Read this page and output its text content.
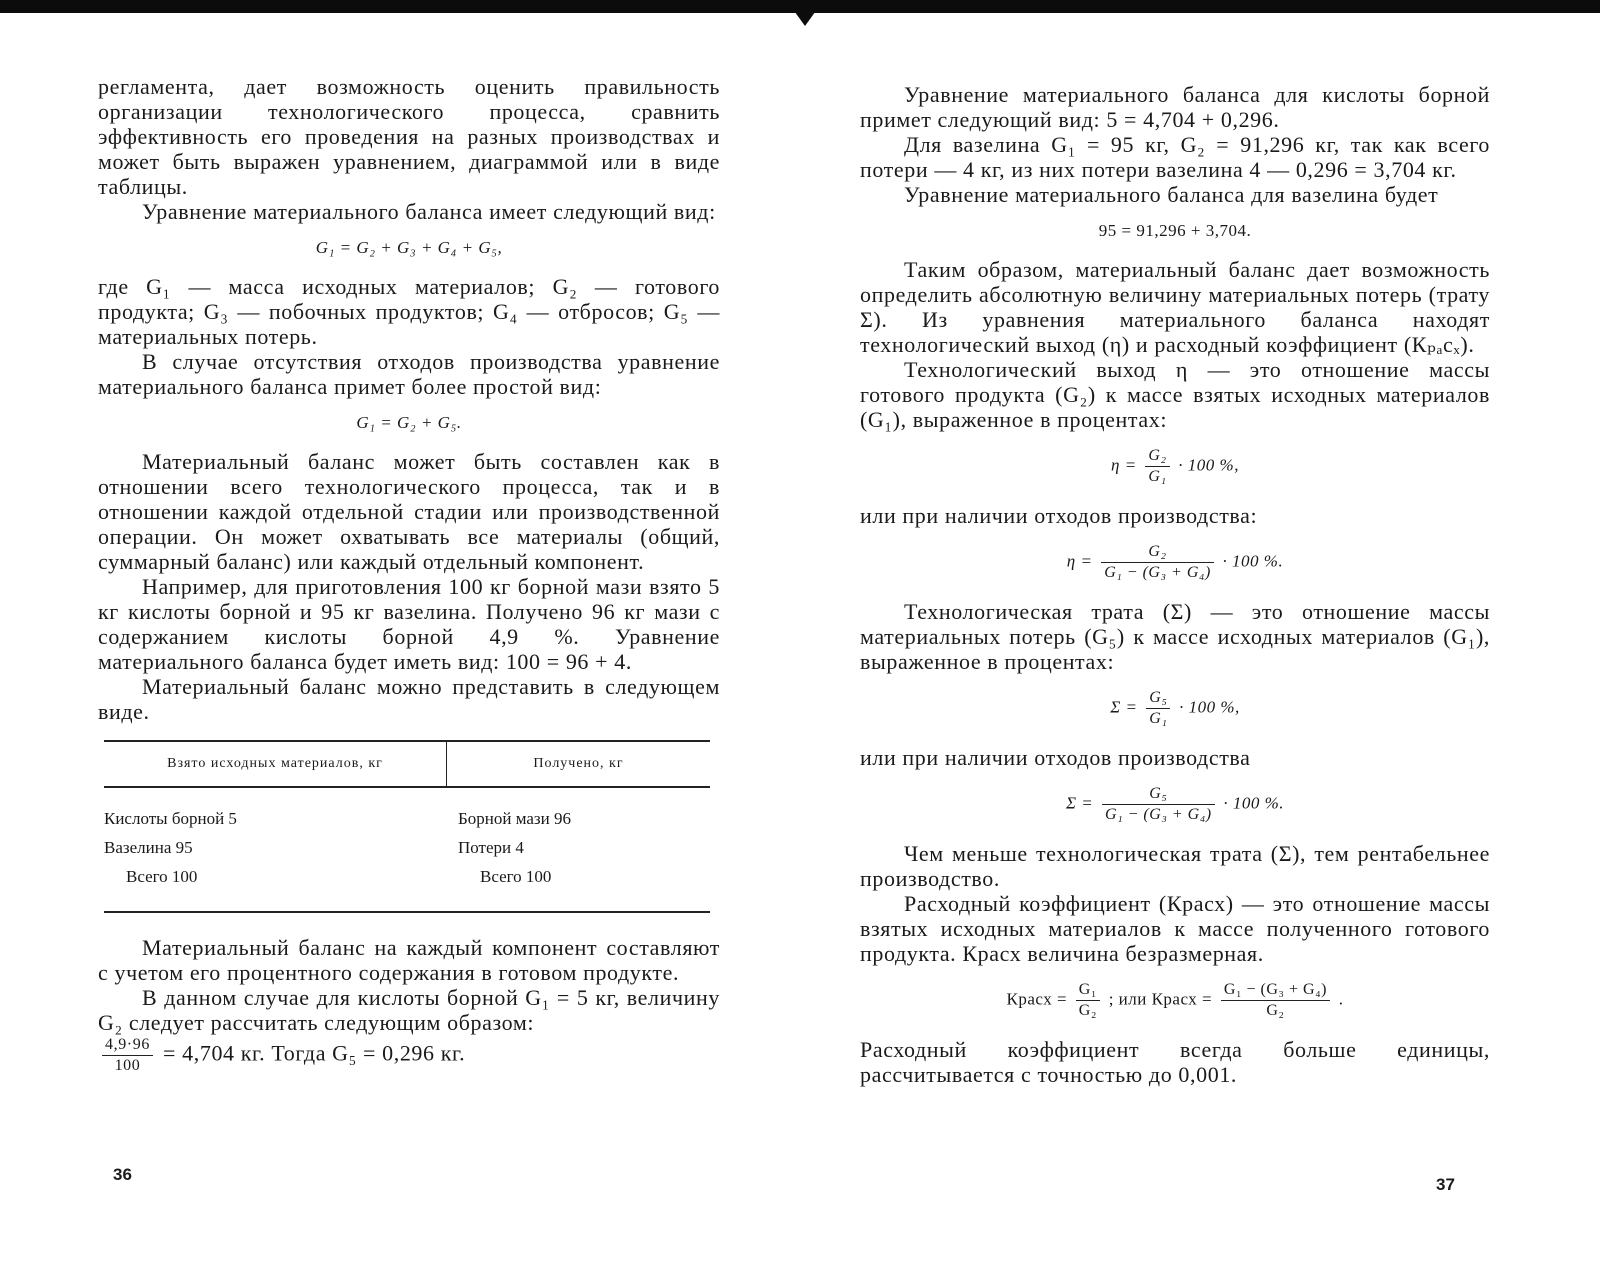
регламента, дает возможность оценить правильность организации технологического процесса, сравнить эффективность его проведения на разных производствах и может быть выражен уравнением, диаграммой или в виде таблицы.

Уравнение материального баланса имеет следующий вид:

G₁ = G₂ + G₃ + G₄ + G₅,

где G₁ — масса исходных материалов; G₂ — готового продукта; G₃ — побочных продуктов; G₄ — отбросов; G₅ — материальных потерь.

В случае отсутствия отходов производства уравнение материального баланса примет более простой вид:

G₁ = G₂ + G₅.

Материальный баланс может быть составлен как в отношении всего технологического процесса, так и в отношении каждой отдельной стадии или производственной операции. Он может охватывать все материалы (общий, суммарный баланс) или каждый отдельный компонент.

Например, для приготовления 100 кг борной мази взято 5 кг кислоты борной и 95 кг вазелина. Получено 96 кг мази с содержанием кислоты борной 4,9 %. Уравнение материального баланса будет иметь вид: 100 = 96 + 4.

Материальный баланс можно представить в следующем виде.

Взято исходных материалов, кг	Получено, кг
Кислоты борной 5
Вазелина 95
Всего 100
Борной мази 96
Потери 4
Всего 100

Материальный баланс на каждый компонент составляют с учетом его процентного содержания в готовом продукте.

В данном случае для кислоты борной G₁ = 5 кг, величину G₂ следует рассчитать следующим образом:

$\frac{4,9\cdot 96}{100} = 4,704$ кг. Тогда G₅ = 0,296 кг.

36

Уравнение материального баланса для кислоты борной примет следующий вид: 5 = 4,704 + 0,296.

Для вазелина G₁ = 95 кг, G₂ = 91,296 кг, так как всего потери — 4 кг, из них потери вазелина 4 — 0,296 = 3,704 кг.

Уравнение материального баланса для вазелина будет

95 = 91,296 + 3,704.

Таким образом, материальный баланс дает возможность определить абсолютную величину материальных потерь (трату Σ). Из уравнения материального баланса находят технологический выход (η) и расходный коэффициент (Кₚₐсₓ).

Технологический выход η — это отношение массы готового продукта (G₂) к массе взятых исходных материалов (G₁), выраженное в процентах:

$\eta = \frac{\text{G₂}}{\text{G₁}} \cdot 100$ %,

или при наличии отходов производства:

$\eta = \frac{\text{G₂}}{\text{G₁ − (G₃ + G₄)}} \cdot 100$ %.

Технологическая трата (Σ) — это отношение массы материальных потерь (G₅) к массе исходных материалов (G₁), выраженное в процентах:

$\Sigma = \frac{\text{G₅}}{\text{G₁}} \cdot 100$ %,

или при наличии отходов производства

$\Sigma = \frac{\text{G₅}}{\text{G₁ − (G₃ + G₄)}} \cdot 100$ %.

Чем меньше технологическая трата (Σ), тем рентабельнее производство.

Расходный коэффициент (Красх) — это отношение массы взятых исходных материалов к массе полученного готового продукта. Красх величина безразмерная.

Красх = $\frac{\text{G₁}}{\text{G₂}}$ ; или Красх = $\frac{\text{G₁ − (G₃ + G₄)}}{\text{G₂}}$ .

Расходный коэффициент всегда больше единицы, рассчитывается с точностью до 0,001.

37
